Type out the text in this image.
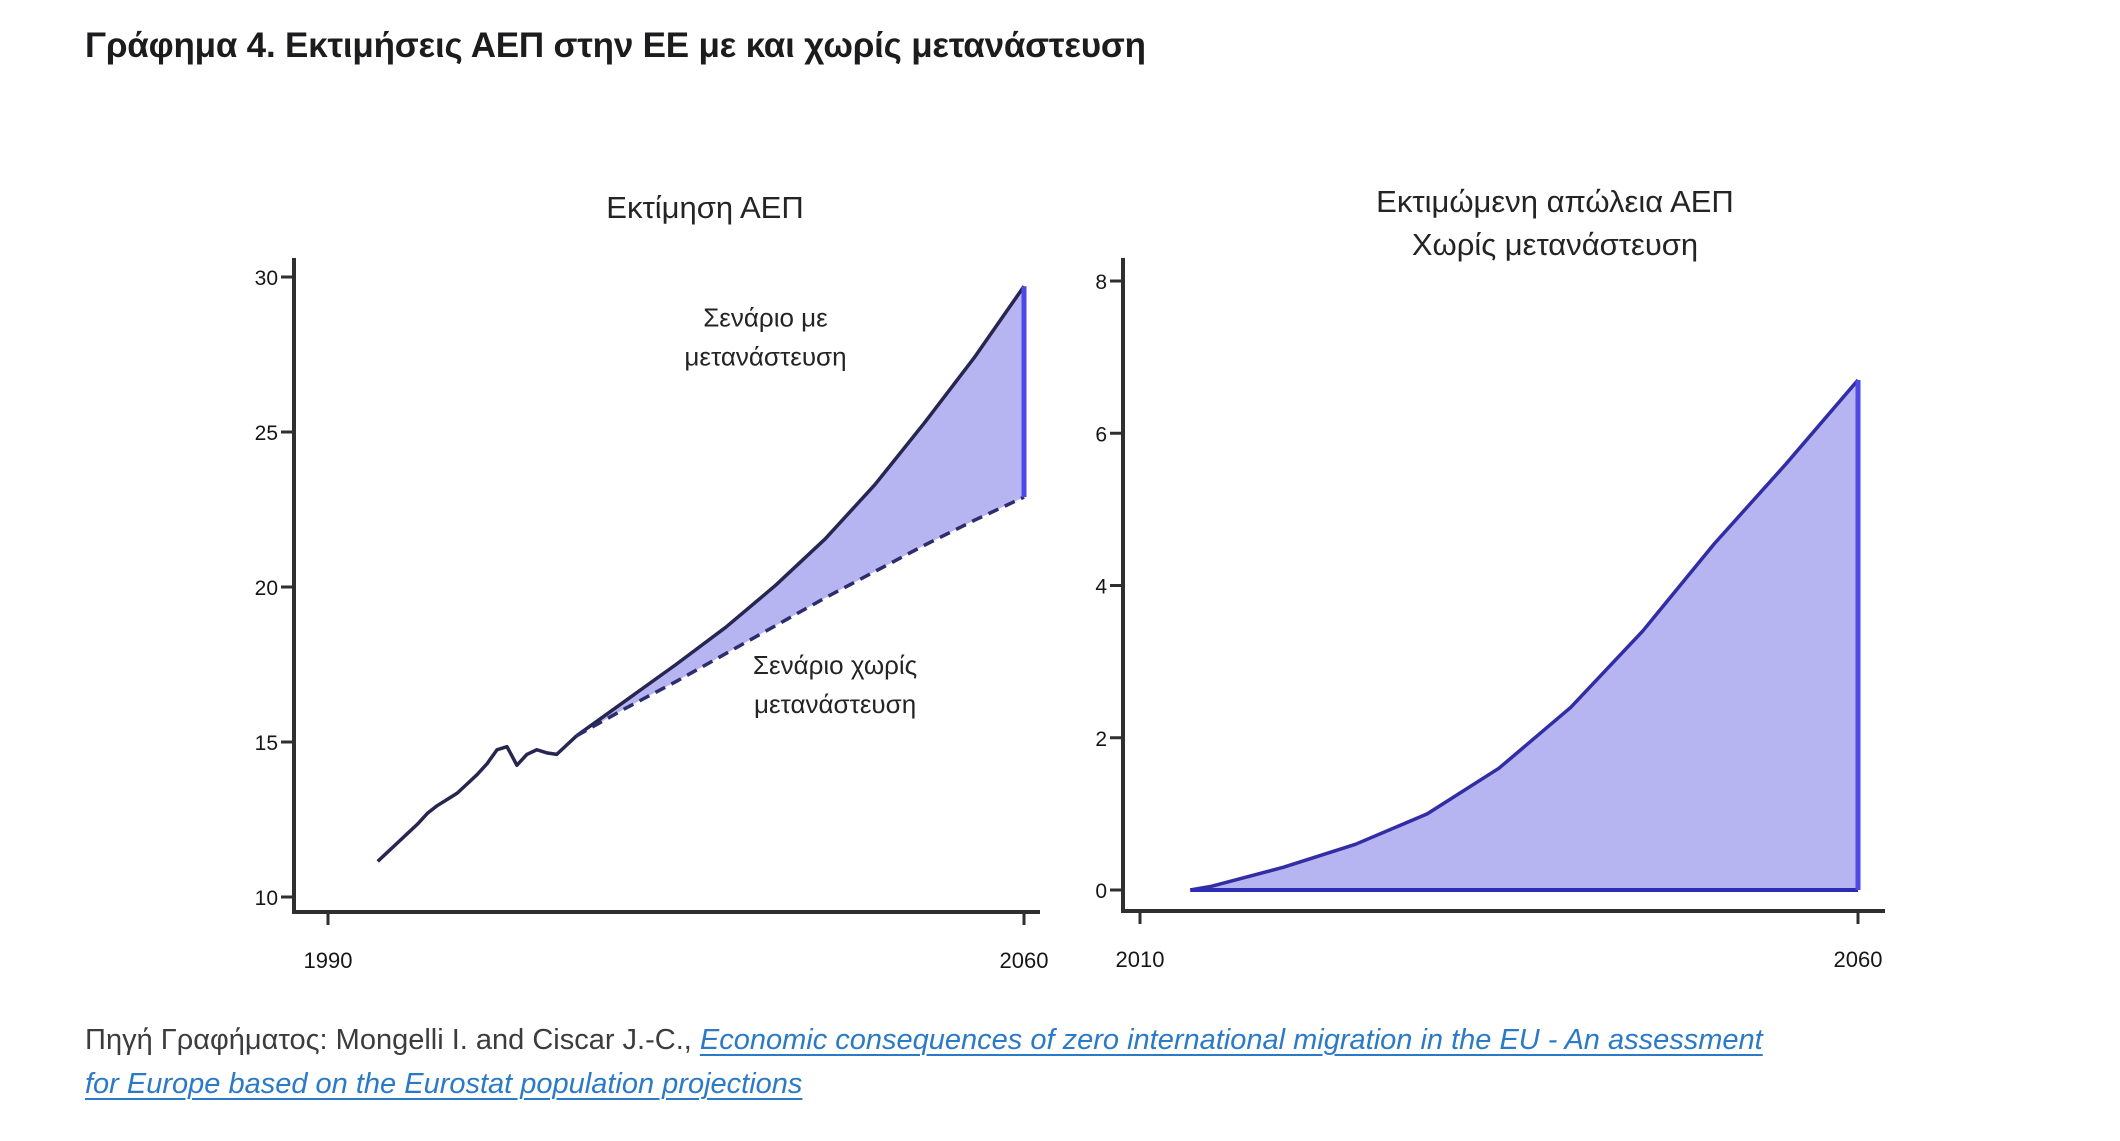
Γράφημα 4. Εκτιμήσεις ΑΕΠ στην ΕΕ με και χωρίς μετανάστευση
10
15
20
25
30
1990	2060
Εκτίμηση ΑΕΠ
Σενάριο με
μετανάστευση
Σενάριο χωρίς
μετανάστευση
0
2
4
6
8
2010	2060
Εκτιμώμενη απώλεια ΑΕΠ
Χωρίς μετανάστευση

Πηγή Γραφήματος: Mongelli I. and Ciscar J.-C., Economic consequences of zero international migration in the EU - An assessment
for Europe based on the Eurostat population projections
